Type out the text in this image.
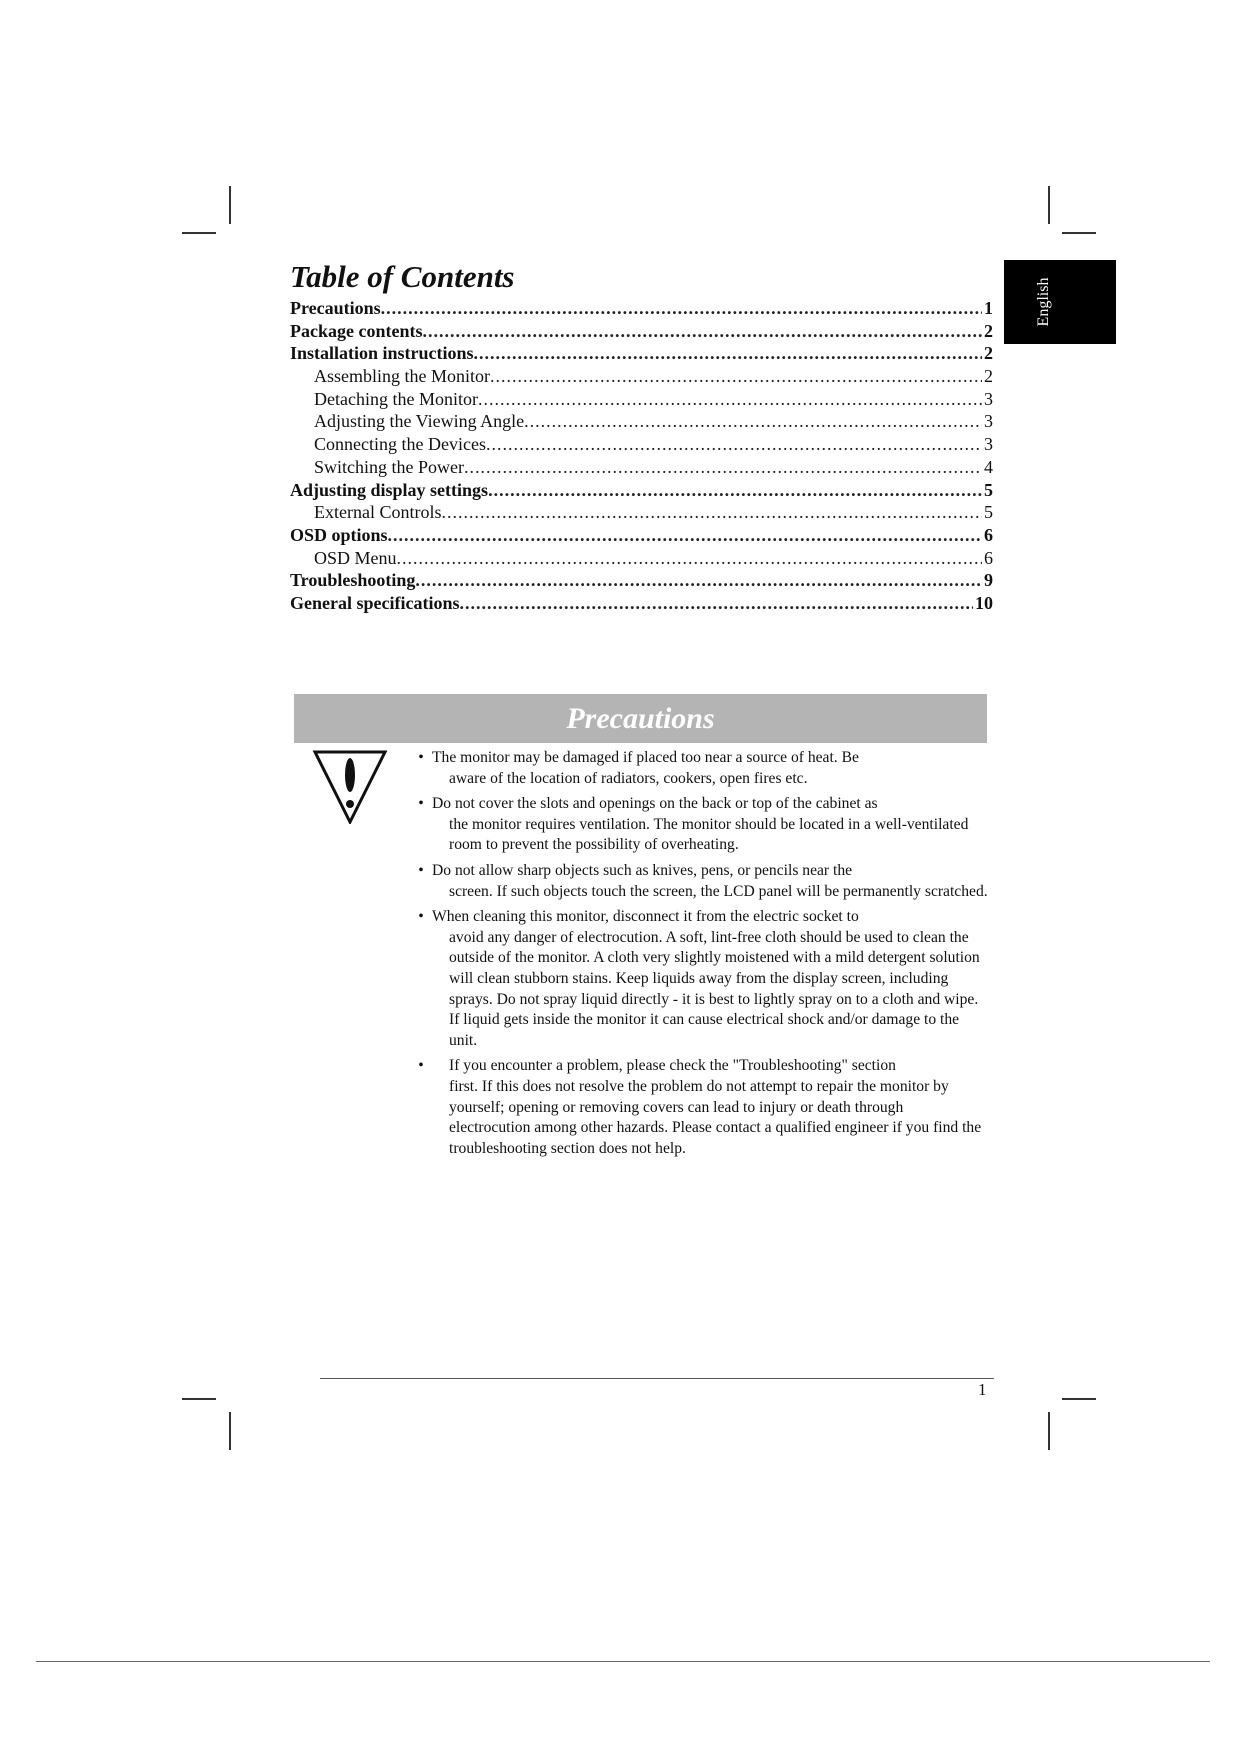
English
Table of Contents
Precautions .....	1
Package contents .....	2
Installation instructions .....	2
Assembling the Monitor .....	2
Detaching the Monitor .....	3
Adjusting the Viewing Angle .....	3
Connecting the Devices .....	3
Switching the Power .....	4
Adjusting display settings .....	5
External Controls .....	5
OSD options .....	6
OSD Menu .....	6
Troubleshooting .....	9
General specifications .....	10
Precautions
• The monitor may be damaged if placed too near a source of heat. Be
aware of the location of radiators, cookers, open fires etc.
• Do not cover the slots and openings on the back or top of the cabinet as
the monitor requires ventilation. The monitor should be located in a well-ventilated room to prevent the possibility of overheating.
• Do not allow sharp objects such as knives, pens, or pencils near the
screen. If such objects touch the screen, the LCD panel will be permanently scratched.
• When cleaning this monitor, disconnect it from the electric socket to
avoid any danger of electrocution. A soft, lint-free cloth should be used to clean the outside of the monitor. A cloth very slightly moistened with a mild detergent solution will clean stubborn stains. Keep liquids away from the display screen, including sprays. Do not spray liquid directly - it is best to lightly spray on to a cloth and wipe. If liquid gets inside the monitor it can cause electrical shock and/or damage to the unit.
• If you encounter a problem, please check the "Troubleshooting" section
first. If this does not resolve the problem do not attempt to repair the monitor by yourself; opening or removing covers can lead to injury or death through electrocution among other hazards. Please contact a qualified engineer if you find the troubleshooting section does not help.
1
